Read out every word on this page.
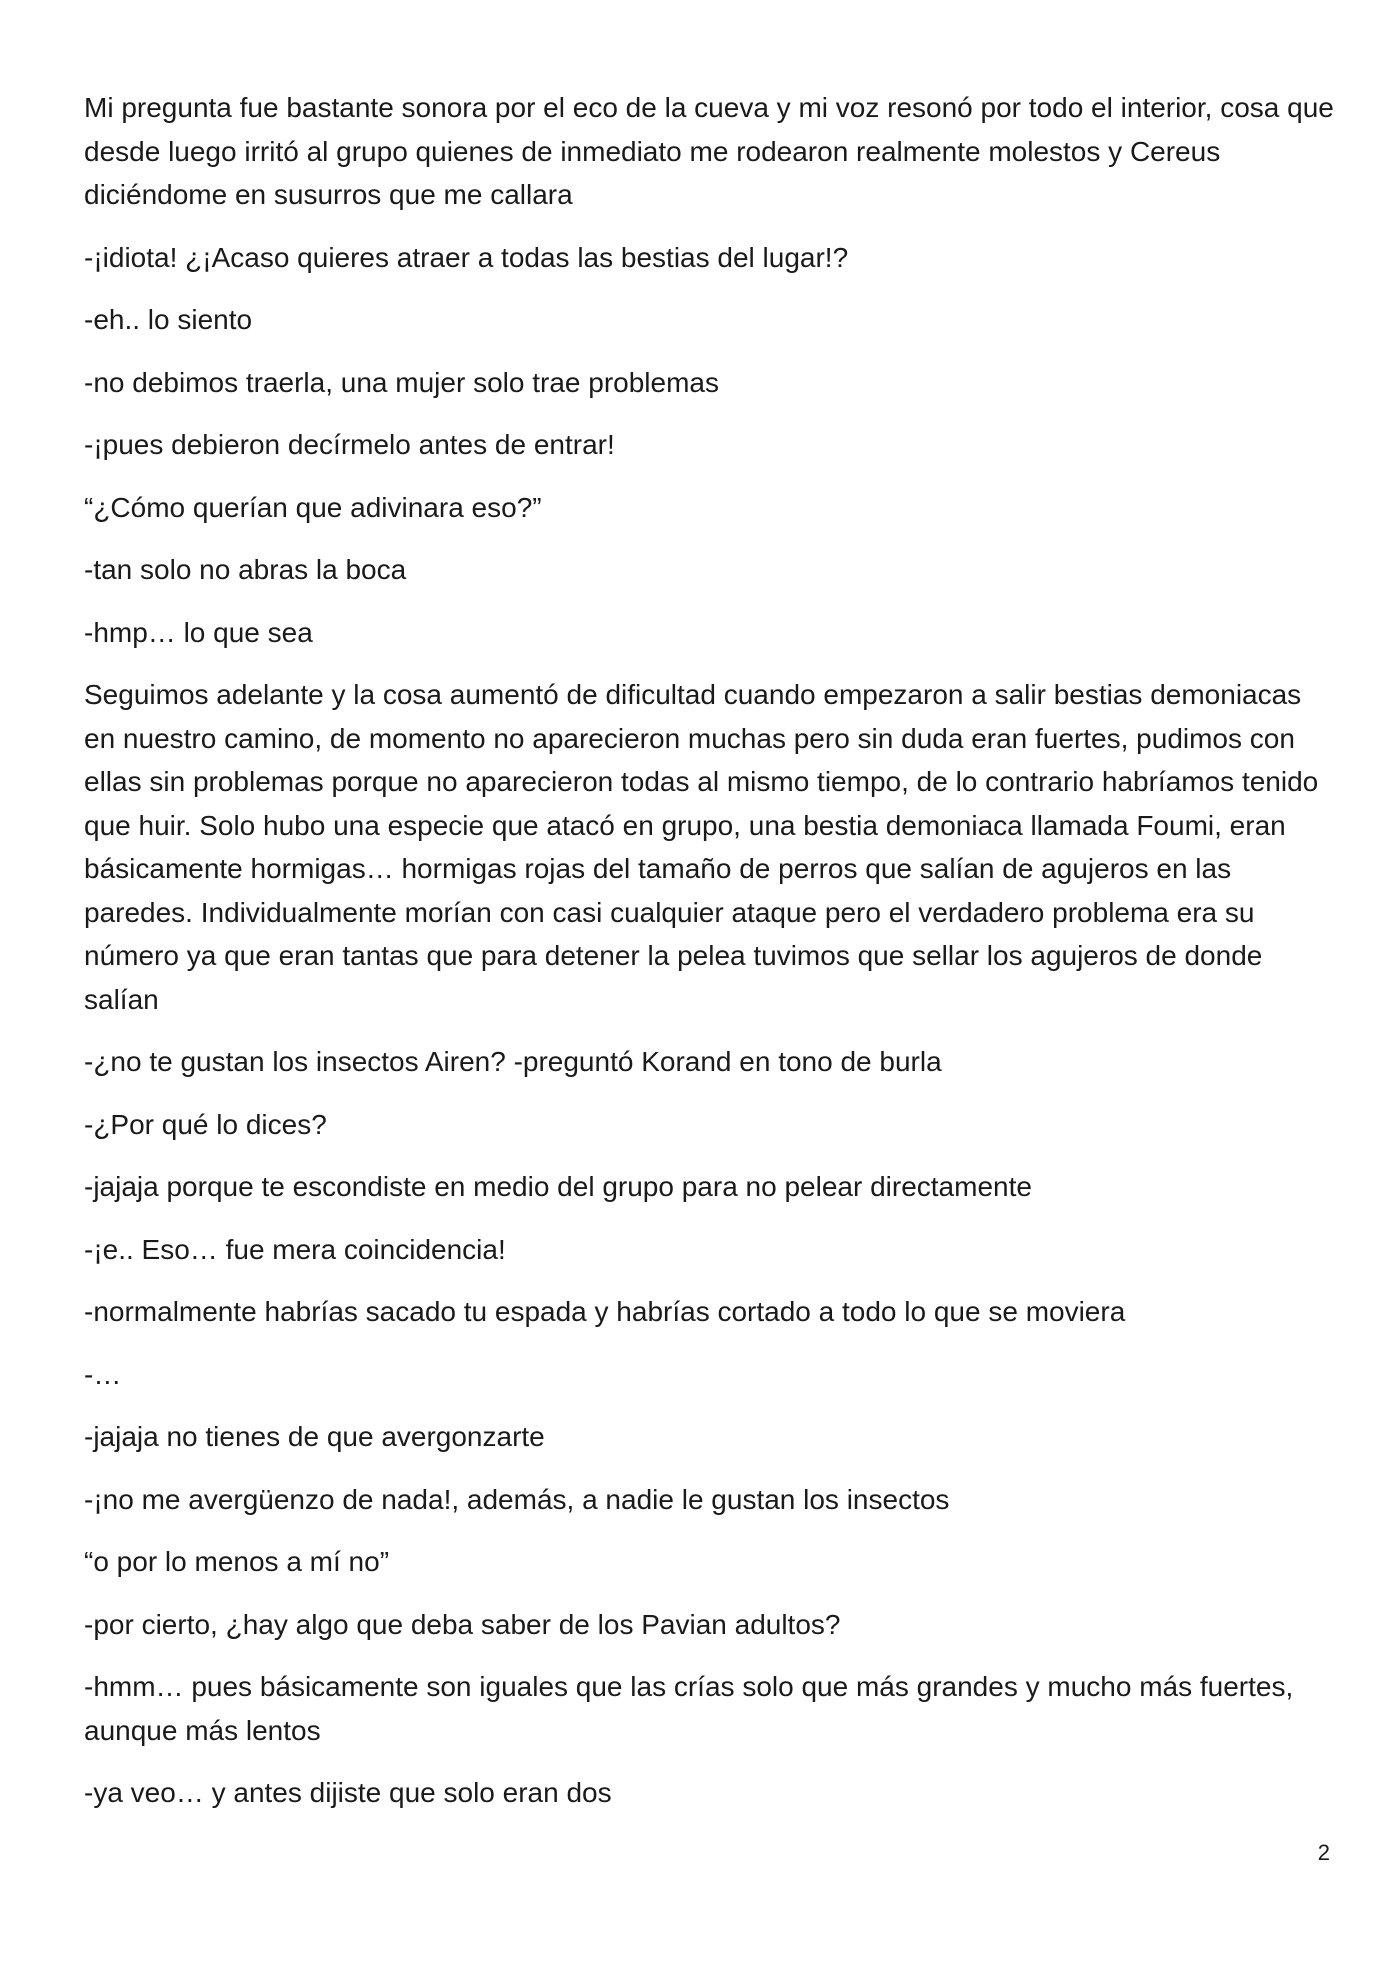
Mi pregunta fue bastante sonora por el eco de la cueva y mi voz resonó por todo el interior, cosa que desde luego irritó al grupo quienes de inmediato me rodearon realmente molestos y Cereus diciéndome en susurros que me callara

-¡idiota! ¿¡Acaso quieres atraer a todas las bestias del lugar!?

-eh.. lo siento

-no debimos traerla, una mujer solo trae problemas

-¡pues debieron decírmelo antes de entrar!

“¿Cómo querían que adivinara eso?”

-tan solo no abras la boca

-hmp… lo que sea

Seguimos adelante y la cosa aumentó de dificultad cuando empezaron a salir bestias demoniacas en nuestro camino, de momento no aparecieron muchas pero sin duda eran fuertes, pudimos con ellas sin problemas porque no aparecieron todas al mismo tiempo, de lo contrario habríamos tenido que huir. Solo hubo una especie que atacó en grupo, una bestia demoniaca llamada Foumi, eran básicamente hormigas… hormigas rojas del tamaño de perros que salían de agujeros en las paredes. Individualmente morían con casi cualquier ataque pero el verdadero problema era su número ya que eran tantas que para detener la pelea tuvimos que sellar los agujeros de donde salían

-¿no te gustan los insectos Airen? -preguntó Korand en tono de burla

-¿Por qué lo dices?

-jajaja porque te escondiste en medio del grupo para no pelear directamente

-¡e.. Eso… fue mera coincidencia!

-normalmente habrías sacado tu espada y habrías cortado a todo lo que se moviera

-…

-jajaja no tienes de que avergonzarte

-¡no me avergüenzo de nada!, además, a nadie le gustan los insectos

“o por lo menos a mí no”

-por cierto, ¿hay algo que deba saber de los Pavian adultos?

-hmm… pues básicamente son iguales que las crías solo que más grandes y mucho más fuertes, aunque más lentos

-ya veo… y antes dijiste que solo eran dos

2
